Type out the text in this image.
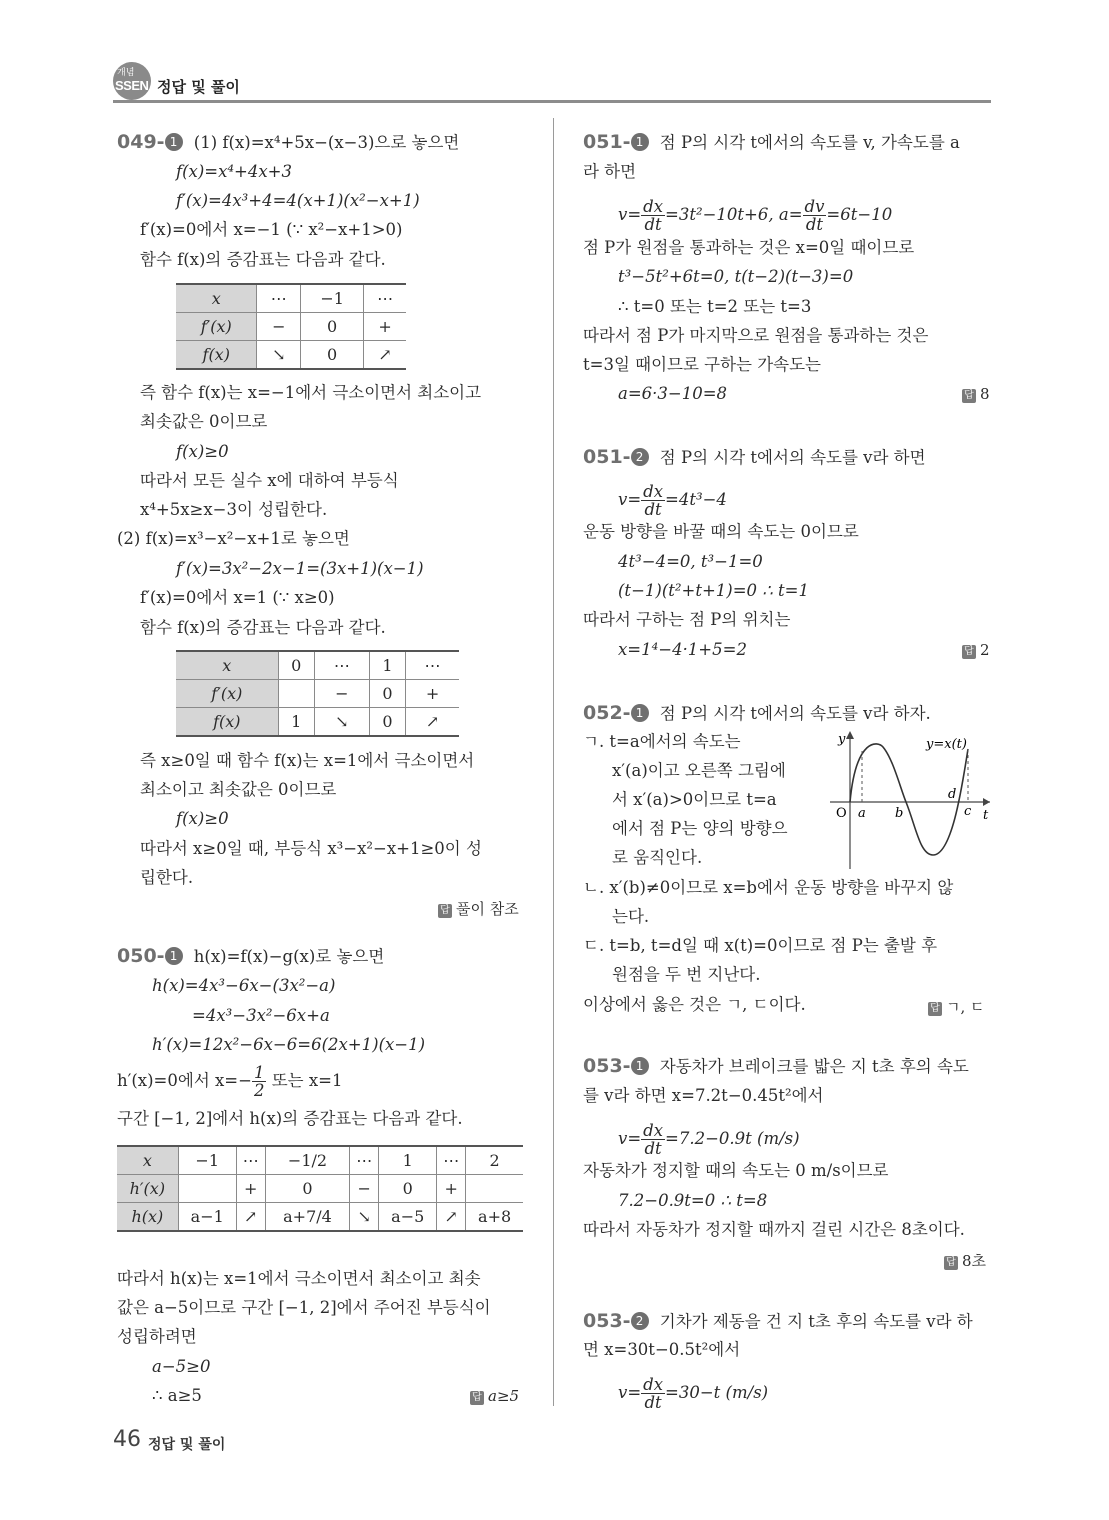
개념
SSEN 정답 및 풀이
049- 1 (1) f(x)=x⁴+5x−(x−3)으로 놓으면
f(x)=x⁴+4x+3
f′(x)=4x³+4=4(x+1)(x²−x+1)
f′(x)=0에서 x=−1 (∵ x²−x+1>0)
함수 f(x)의 증감표는 다음과 같다.
x	⋯	−1	⋯
f′(x)	−	0	+
f(x)	↘	0	↗
즉 함수 f(x)는 x=−1에서 극소이면서 최소이고
최솟값은 0이므로
f(x)≥0
따라서 모든 실수 x에 대하여 부등식
x⁴+5x≥x−3이 성립한다.
(2) f(x)=x³−x²−x+1로 놓으면
f′(x)=3x²−2x−1=(3x+1)(x−1)
f′(x)=0에서 x=1 (∵ x≥0)
함수 f(x)의 증감표는 다음과 같다.
x	0	⋯	1	⋯
f′(x)		−	0	+
f(x)	1	↘	0	↗
즉 x≥0일 때 함수 f(x)는 x=1에서 극소이면서
최소이고 최솟값은 0이므로
f(x)≥0
따라서 x≥0일 때, 부등식 x³−x²−x+1≥0이 성
립한다.
답 풀이 참조
050- 1 h(x)=f(x)−g(x)로 놓으면
h(x)=4x³−6x−(3x²−a)
=4x³−3x²−6x+a
h′(x)=12x²−6x−6=6(2x+1)(x−1)
h′(x)=0에서 $x=- \frac{1}{2}$ 또는 x=1
구간 [−1, 2]에서 h(x)의 증감표는 다음과 같다.
x	−1	⋯	−1/2	⋯	1	⋯	2
h′(x)		+	0	−	0	+	
h(x)	a−1	↗	a+7/4	↘	a−5	↗	a+8
따라서 h(x)는 x=1에서 극소이면서 최소이고 최솟
값은 a−5이므로 구간 [−1, 2]에서 주어진 부등식이
성립하려면
a−5≥0
∴ a≥5	답 a≥5
051- 1 점 P의 시각 t에서의 속도를 v, 가속도를 a
라 하면
$v= \frac{dx}{dt} =3t^2-10t+6$, $a= \frac{dv}{dt} =6t-10$
점 P가 원점을 통과하는 것은 x=0일 때이므로
t³−5t²+6t=0, t(t−2)(t−3)=0
∴ t=0 또는 t=2 또는 t=3
따라서 점 P가 마지막으로 원점을 통과하는 것은
t=3일 때이므로 구하는 가속도는
a=6·3−10=8	답 8
051- 2 점 P의 시각 t에서의 속도를 v라 하면
$v= \frac{dx}{dt} =4t^3-4$
운동 방향을 바꿀 때의 속도는 0이므로
4t³−4=0, t³−1=0
(t−1)(t²+t+1)=0 ∴ t=1
따라서 구하는 점 P의 위치는
x=1⁴−4·1+5=2	답 2
052- 1 점 P의 시각 t에서의 속도를 v라 하자.
ㄱ. t=a에서의 속도는
x′(a)이고 오른쪽 그림에
서 x′(a)>0이므로 t=a
에서 점 P는 양의 방향으
로 움직인다.
y	y=x(t)
O	t
a b	c
d
ㄴ. x′(b)≠0이므로 x=b에서 운동 방향을 바꾸지 않
는다.
ㄷ. t=b, t=d일 때 x(t)=0이므로 점 P는 출발 후
원점을 두 번 지난다.
이상에서 옳은 것은 ㄱ, ㄷ이다.	답 ㄱ, ㄷ
053- 1 자동차가 브레이크를 밟은 지 t초 후의 속도
를 v라 하면 x=7.2t−0.45t²에서
$v= \frac{dx}{dt} =7.2-0.9t$ (m/s)
자동차가 정지할 때의 속도는 0 m/s이므로
7.2−0.9t=0 ∴ t=8
따라서 자동차가 정지할 때까지 걸린 시간은 8초이다.
답 8초
053- 2 기차가 제동을 건 지 t초 후의 속도를 v라 하
면 x=30t−0.5t²에서
$v= \frac{dx}{dt} =30-t$ (m/s)
46 정답 및 풀이
